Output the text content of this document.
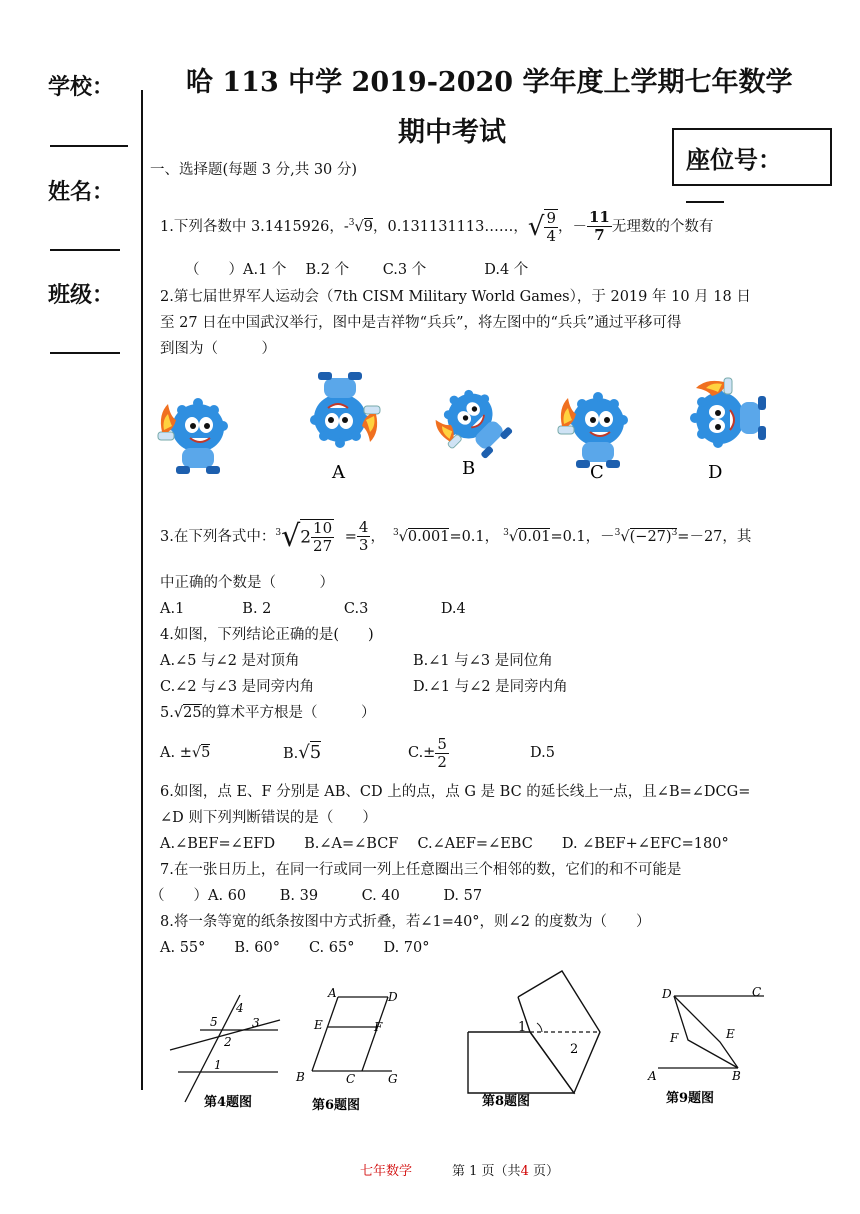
学校：
姓名：
班级：
哈 113 中学 2019-2020 学年度上学期七年数学
期中考试
座位号：
一、选择题(每题 3 分,共 30 分)
1.下列各数中 3.1415926，-$^3$√9，0.131131113……，√ $\frac{9}{4}$ ，－ $\frac{11}{7}$ 无理数的个数有
（　　）A.1 个　 B.2 个　　 C.3 个　　　　D.4 个
2.第七届世界军人运动会（7th CISM Military World Games），于 2019 年 10 月 18 日
至 27 日在中国武汉举行，图中是吉祥物“兵兵”，将左图中的“兵兵”通过平移可得
到图为（　　　）
A	B	C	D
3.在下列各式中：$^3√2 \frac{10}{27} = \frac{4}{3}$ ， $^3$√0.001=0.1， $^3$√0.01=0.1，$-^3√(-27)^3=-27$，其
中正确的个数是（　　　）
A.1　　　　B. 2　　　　　C.3　　　　　D.4
4.如图，下列结论正确的是(　　)
A.∠5 与∠2 是对顶角	B.∠1 与∠3 是同位角
C.∠2 与∠3 是同旁内角	D.∠1 与∠2 是同旁内角
5.√25的算术平方根是（　　　）
A. ±√5	B.√5	$C.\pm \frac{5}{2}$	D.5
6.如图，点 E、F 分别是 AB、CD 上的点，点 G 是 BC 的延长线上一点，且∠B=∠DCG=
∠D 则下列判断错误的是（　　）
A.∠BEF=∠EFD　　B.∠A=∠BCF　 C.∠AEF=∠EBC　　D. ∠BEF+∠EFC=180°
7.在一张日历上，在同一行或同一列上任意圈出三个相邻的数，它们的和不可能是
（　　）A. 60　　 B. 39　　　C. 40　　　D. 57
8.将一条等宽的纸条按图中方式折叠，若∠1=40°，则∠2 的度数为（　　）
A. 55°　　B. 60°　　C. 65°　　D. 70°
4
5	3
2
1
第4题图
A	D
E	F
B	C	G
第6题图
1
2
第8题图
D	C
F	E
A	B
第9题图
七年数学	第 1 页（共4 页）
